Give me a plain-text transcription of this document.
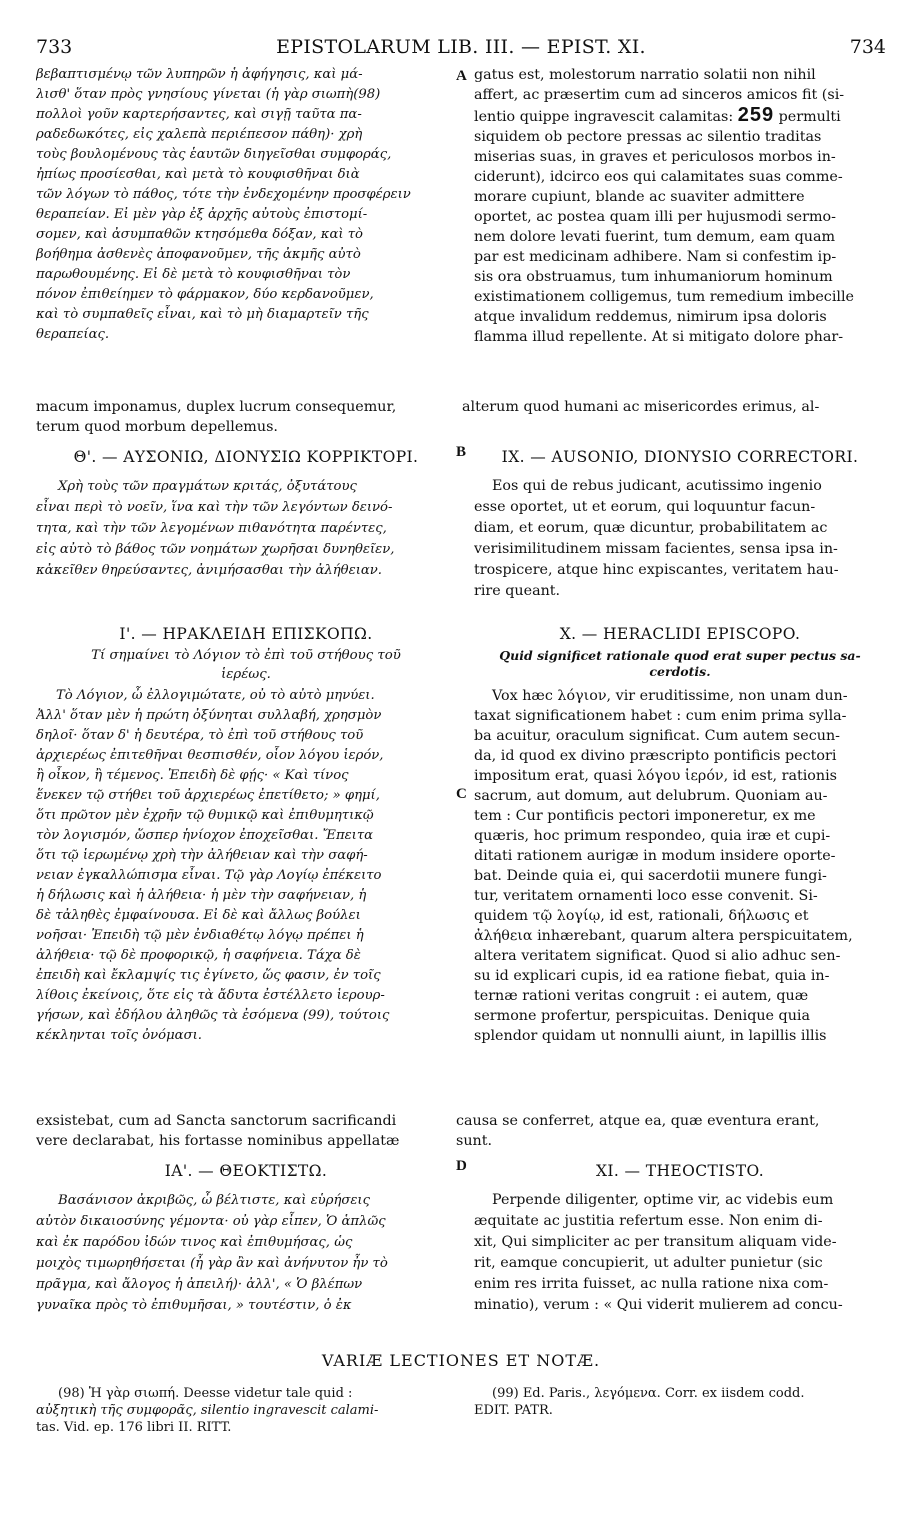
733	EPISTOLARUM LIB. III. — EPIST. XI.	734
βεβαπτισμένῳ τῶν λυπηρῶν ἡ ἀφήγησις, καὶ μά-
λισθ' ὅταν πρὸς γνησίους γίνεται (ἡ γὰρ σιωπὴ(98)
πολλοὶ γοῦν καρτερήσαντες, καὶ σιγῇ ταῦτα πα-
ραδεδωκότες, εἰς χαλεπὰ περιέπεσον πάθη)· χρὴ
τοὺς βουλομένους τὰς ἑαυτῶν διηγεῖσθαι συμφοράς,
ἠπίως προσίεσθαι, καὶ μετὰ τὸ κουφισθῆναι διὰ
τῶν λόγων τὸ πάθος, τότε τὴν ἐνδεχομένην προσφέρειν
θεραπείαν. Εἰ μὲν γὰρ ἐξ ἀρχῆς αὐτοὺς ἐπιστομί-
σομεν, καὶ ἀσυμπαθῶν κτησόμεθα δόξαν, καὶ τὸ
βοήθημα ἀσθενὲς ἀποφανοῦμεν, τῆς ἀκμῆς αὐτὸ
παρωθουμένης. Εἰ δὲ μετὰ τὸ κουφισθῆναι τὸν
πόνον ἐπιθείημεν τὸ φάρμακον, δύο κερδανοῦμεν,
καὶ τὸ συμπαθεῖς εἶναι, καὶ τὸ μὴ διαμαρτεῖν τῆς
θεραπείας.
A gatus est, molestorum narratio solatii non nihil
affert, ac præsertim cum ad sinceros amicos fit (si-
lentio quippe ingravescit calamitas: 259 permulti
siquidem ob pectore pressas ac silentio traditas
miserias suas, in graves et periculosos morbos in-
ciderunt), idcirco eos qui calamitates suas comme-
morare cupiunt, blande ac suaviter admittere
oportet, ac postea quam illi per hujusmodi sermo-
nem dolore levati fuerint, tum demum, eam quam
par est medicinam adhibere. Nam si confestim ip-
sis ora obstruamus, tum inhumaniorum hominum
existimationem colligemus, tum remedium imbecille
atque invalidum reddemus, nimirum ipsa doloris
flamma illud repellente. At si mitigato dolore phar-
macum imponamus, duplex lucrum consequemur,	alterum quod humani ac misericordes erimus, al-
terum quod morbum depellemus.
Θ'. — ΑΥΣΟΝΙΩ, ΔΙΟΝΥΣΙΩ ΚΟΡΡΙΚΤΟΡΙ.	B	IX. — AUSONIO, DIONYSIO CORRECTORI.
Χρὴ τοὺς τῶν πραγμάτων κριτάς, ὀξυτάτους
εἶναι περὶ τὸ νοεῖν, ἵνα καὶ τὴν τῶν λεγόντων δεινό-
τητα, καὶ τὴν τῶν λεγομένων πιθανότητα παρέντες,
εἰς αὐτὸ τὸ βάθος τῶν νοημάτων χωρῆσαι δυνηθεῖεν,
κἀκεῖθεν θηρεύσαντες, ἀνιμήσασθαι τὴν ἀλήθειαν.
Eos qui de rebus judicant, acutissimo ingenio
esse oportet, ut et eorum, qui loquuntur facun-
diam, et eorum, quæ dicuntur, probabilitatem ac
verisimilitudinem missam facientes, sensa ipsa in-
trospicere, atque hinc expiscantes, veritatem hau-
rire queant.
Ι'. — ΗΡΑΚΛΕΙΔΗ ΕΠΙΣΚΟΠΩ.	X. — HERACLIDI EPISCOPO.
Τί σημαίνει τὸ Λόγιον τὸ ἐπὶ τοῦ στήθους τοῦ
ἱερέως.
Quid significet rationale quod erat super pectus sa-
cerdotis.
Τὸ Λόγιον, ὦ ἐλλογιμώτατε, οὐ τὸ αὐτὸ μηνύει.
Ἀλλ' ὅταν μὲν ἡ πρώτη ὀξύνηται συλλαβή, χρησμὸν
δηλοῖ· ὅταν δ' ἡ δευτέρα, τὸ ἐπὶ τοῦ στήθους τοῦ
ἀρχιερέως ἐπιτεθῆναι θεσπισθέν, οἷον λόγου ἱερόν,
ἢ οἶκον, ἢ τέμενος. Ἐπειδὴ δὲ φῄς· « Καὶ τίνος
ἕνεκεν τῷ στήθει τοῦ ἀρχιερέως ἐπετίθετο; » φημί,
ὅτι πρῶτον μὲν ἐχρῆν τῷ θυμικῷ καὶ ἐπιθυμητικῷ
τὸν λογισμόν, ὥσπερ ἡνίοχον ἐποχεῖσθαι. Ἔπειτα
ὅτι τῷ ἱερωμένῳ χρὴ τὴν ἀλήθειαν καὶ τὴν σαφή-
νειαν ἐγκαλλώπισμα εἶναι. Τῷ γὰρ Λογίῳ ἐπέκειτο
ἡ δήλωσις καὶ ἡ ἀλήθεια· ἡ μὲν τὴν σαφήνειαν, ἡ
δὲ τἀληθὲς ἐμφαίνουσα. Εἰ δὲ καὶ ἄλλως βούλει
νοῆσαι· Ἐπειδὴ τῷ μὲν ἐνδιαθέτῳ λόγῳ πρέπει ἡ
ἀλήθεια· τῷ δὲ προφορικῷ, ἡ σαφήνεια. Τάχα δὲ
ἐπειδὴ καὶ ἔκλαμψίς τις ἐγίνετο, ὥς φασιν, ἐν τοῖς
λίθοις ἐκείνοις, ὅτε εἰς τὰ ἄδυτα ἐστέλλετο ἱερουρ-
γήσων, καὶ ἐδήλου ἀληθῶς τὰ ἐσόμενα (99), τούτοις
κέκληνται τοῖς ὀνόμασι.
C
Vox hæc λόγιον, vir eruditissime, non unam dun-
taxat significationem habet : cum enim prima sylla-
ba acuitur, oraculum significat. Cum autem secun-
da, id quod ex divino præscripto pontificis pectori
impositum erat, quasi λόγου ἱερόν, id est, rationis
sacrum, aut domum, aut delubrum. Quoniam au-
tem : Cur pontificis pectori imponeretur, ex me
quæris, hoc primum respondeo, quia iræ et cupi-
ditati rationem aurigæ in modum insidere oporte-
bat. Deinde quia ei, qui sacerdotii munere fungi-
tur, veritatem ornamenti loco esse convenit. Si-
quidem τῷ λογίῳ, id est, rationali, δήλωσις et
ἀλήθεια inhærebant, quarum altera perspicuitatem,
altera veritatem significat. Quod si alio adhuc sen-
su id explicari cupis, id ea ratione fiebat, quia in-
ternæ rationi veritas congruit : ei autem, quæ
sermone profertur, perspicuitas. Denique quia
splendor quidam ut nonnulli aiunt, in lapillis illis
exsistebat, cum ad Sancta sanctorum sacrificandi	causa se conferret, atque ea, quæ eventura erant,
vere declarabat, his fortasse nominibus appellatæ	sunt.
ΙΑ'. — ΘΕΟΚΤΙΣΤΩ.	D	XI. — THEOCTISTO.
Βασάνισον ἀκριβῶς, ὦ βέλτιστε, καὶ εὑρήσεις
αὐτὸν δικαιοσύνης γέμοντα· οὐ γὰρ εἶπεν, Ὁ ἁπλῶς
καὶ ἐκ παρόδου ἰδών τινος καὶ ἐπιθυμήσας, ὡς
μοιχὸς τιμωρηθήσεται (ἦ γὰρ ἂν καὶ ἀνήνυτον ἦν τὸ
πρᾶγμα, καὶ ἄλογος ἡ ἀπειλή)· ἀλλ', « Ὁ βλέπων
γυναῖκα πρὸς τὸ ἐπιθυμῆσαι, » τουτέστιν, ὁ ἐκ
Perpende diligenter, optime vir, ac videbis eum
æquitate ac justitia refertum esse. Non enim di-
xit, Qui simpliciter ac per transitum aliquam vide-
rit, eamque concupierit, ut adulter punietur (sic
enim res irrita fuisset, ac nulla ratione nixa com-
minatio), verum : « Qui viderit mulierem ad concu-
VARIÆ LECTIONES ET NOTÆ.
(98) Ἡ γὰρ σιωπή. Deesse videtur tale quid :
αὐξητικὴ τῆς συμφορᾶς, silentio ingravescit calami-
tas. Vid. ep. 176 libri II. RITT.
(99) Ed. Paris., λεγόμενα. Corr. ex iisdem codd.
EDIT. PATR.
